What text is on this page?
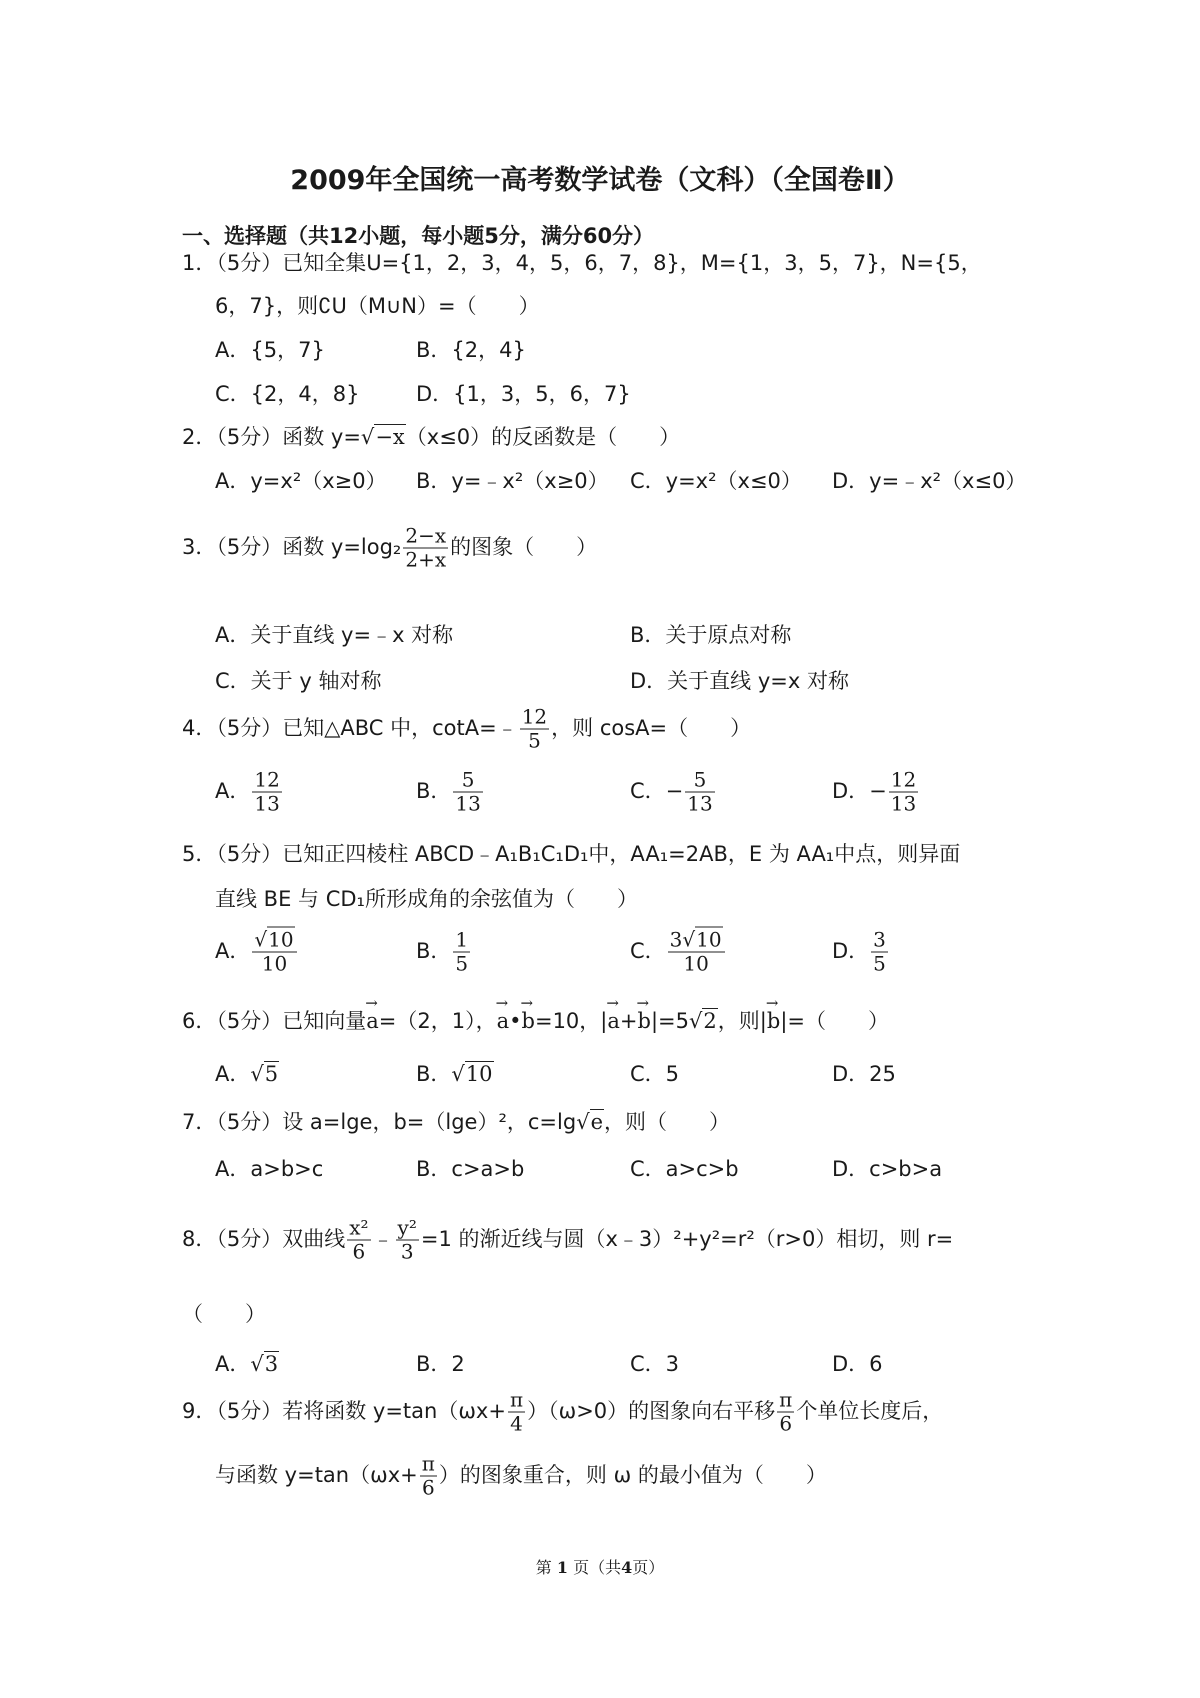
2009年全国统一高考数学试卷（文科）（全国卷Ⅱ）
一、选择题（共12小题，每小题5分，满分60分）
1．（5分）已知全集U={1，2，3，4，5，6，7，8}，M={1，3，5，7}，N={5，
6，7}，则∁U（M∪N）=（　　）
A．{5，7}	B．{2，4}
C．{2，4，8}	D．{1，3，5，6，7}
2．（5分）函数 y=√−x（x≤0）的反函数是（　　）
A．y=x²（x≥0） B．y=﹣x²（x≥0） C．y=x²（x≤0） D．y=﹣x²（x≤0）
3．（5分）函数 $y=\log_2 \frac{2-x}{2+x}$ 的图象（　　）
A．关于直线 y=﹣x 对称	B．关于原点对称
C．关于 y 轴对称	D．关于直线 y=x 对称
4．（5分）已知△ABC 中，cotA=﹣ $\frac{12}{5}$ ，则 cosA=（　　）
A． $\frac{12}{13}$	B． $\frac{5}{13}$	C．− $\frac{5}{13}$	D．− $\frac{12}{13}$
5．（5分）已知正四棱柱 ABCD﹣A₁B₁C₁D₁中，AA₁=2AB，E 为 AA₁中点，则异面
直线 BE 与 CD₁所形成角的余弦值为（　　）
A． $\frac{√10}{10}$	B． $\frac{1}{5}$	C． $\frac{3√10}{10}$	D． $\frac{3}{5}$
6．（5分）已知向量→ a=（2，1），→ a•→ b=10，|→ a+→ b|=5√2，则|→ b|=（　　）
A．√5	B．√10	C．5	D．25
7．（5分）设 a=lge，b=（lge）²，c=lg√e，则（　　）
A．a>b>c	B．c>a>b	C．a>c>b	D．c>b>a
8．（5分）双曲线 $\frac{\text{x²}}{6}$ ﹣ $\frac{\text{y²}}{3} =1$ 的渐近线与圆（x﹣3）²+y²=r²（r>0）相切，则 r=
（　　）
A．√3	B．2	C．3	D．6
9．（5分）若将函数 $y=\tan(\omega x+ \frac{\pi}{4} )(\omega>0)$的图象向右平移 $\frac{\pi}{6}$ 个单位长度后，
与函数 $y=\tan(\omega x+ \frac{\pi}{6}$ ）的图象重合，则 ω 的最小值为（　　）
第 1 页（共4页）
